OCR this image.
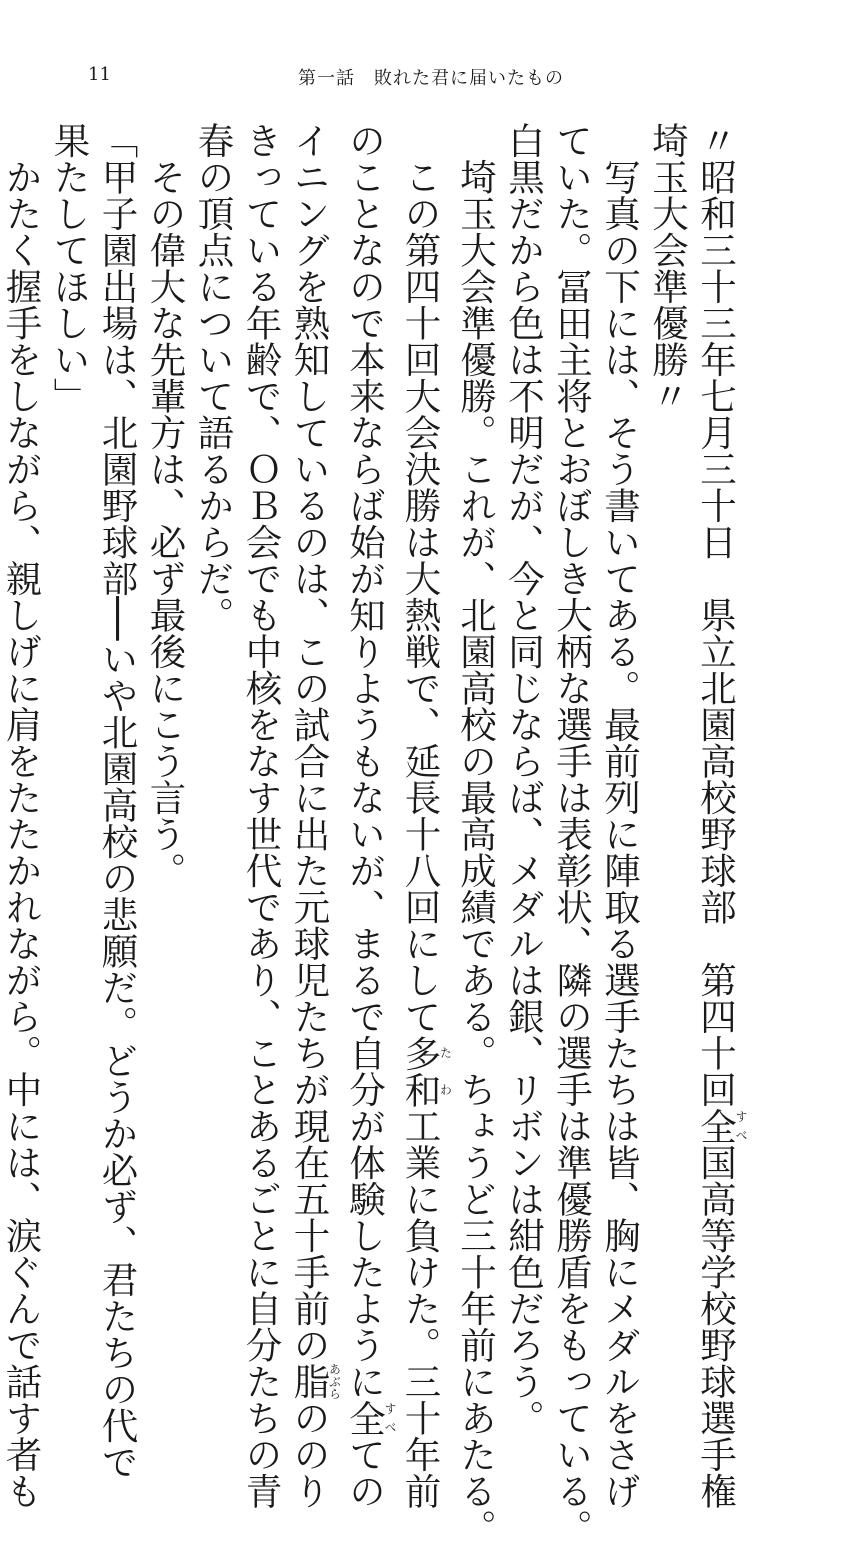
11	第一話　敗れた君に届いたもの
〃昭和三十三年七月三十日　県立北園高校野球部　第四十回全すべ国高等学校野球選手権
埼玉大会準優勝〃
　写真の下には、そう書いてある。最前列に陣取る選手たちは皆、胸にメダルをさげ
ていた。冨田主将とおぼしき大柄な選手は表彰状、隣の選手は準優勝盾をもっている。
白黒だから色は不明だが、今と同じならば、メダルは銀、リボンは紺色だろう。
　埼玉大会準優勝。これが、北園高校の最高成績である。ちょうど三十年前にあたる。
　この第四十回大会決勝は大熱戦で、延長十八回にして多和たわ工業に負けた。三十年前
のことなので本来ならば始が知りようもないが、まるで自分が体験したように全すべての
イニングを熟知しているのは、この試合に出た元球児たちが現在五十手前の脂あぶらののり
きっている年齢で、ＯＢ会でも中核をなす世代であり、ことあるごとに自分たちの青
春の頂点について語るからだ。
　その偉大な先輩方は、必ず最後にこう言う。
「甲子園出場は、北園野球部──いや北園高校の悲願だ。どうか必ず、君たちの代で
果たしてほしい」
　かたく握手をしながら、親しげに肩をたたかれながら。中には、涙ぐんで話す者も
